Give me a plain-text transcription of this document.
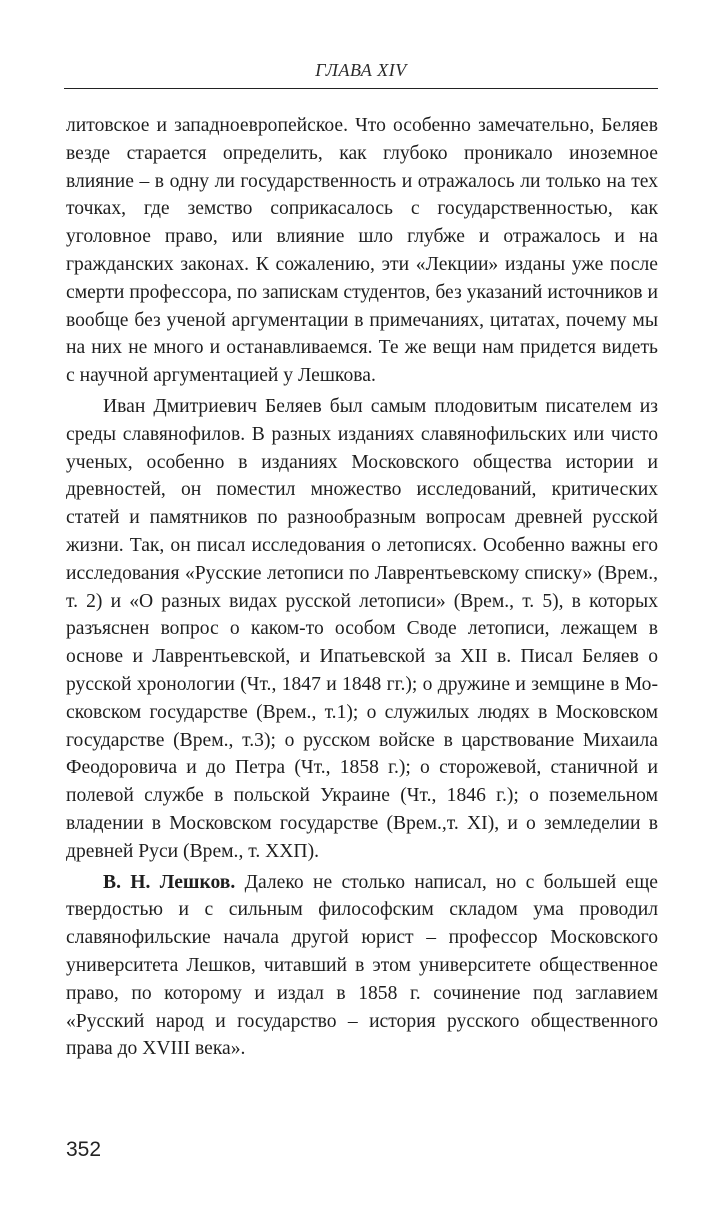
ГЛАВА XIV

литовское и западноевропейское. Что особенно замечательно, Беляев везде старается определить, как глубоко проникало иноземное влияние – в одну ли государственность и отражалось ли только на тех точках, где земство соприкасалось с государственностью, как уголовное право, или влияние шло глубже и отражалось и на гражданских законах. К сожалению, эти «Лекции» изданы уже после смерти профессора, по запискам студентов, без указаний источников и вообще без ученой аргументации в примечаниях, цитатах, почему мы на них не много и останавливаемся. Те же вещи нам придется видеть с научной аргументацией у Лешкова.

Иван Дмитриевич Беляев был самым плодовитым писателем из среды славянофилов. В разных изданиях славянофильских или чисто ученых, особенно в изданиях Московского общества истории и древностей, он поместил множество исследований, критических статей и памятников по разнообразным вопросам древней русской жизни. Так, он писал исследования о летописях. Особенно важны его исследования «Русские летописи по Лаврентьевскому списку» (Врем., т. 2) и «О разных видах русской летописи» (Врем., т. 5), в которых разъяснен вопрос о каком-то особом Своде летописи, лежащем в основе и Лаврентьевской, и Ипатьевской за XII в. Писал Беляев о русской хронологии (Чт., 1847 и 1848 гг.); о дружине и земщине в Московском государстве (Врем., т.1); о служилых людях в Московском государстве (Врем., т.3); о русском войске в царствование Михаила Феодоровича и до Петра (Чт., 1858 г.); о сторожевой, станичной и полевой службе в польской Украине (Чт., 1846 г.); о поземельном владении в Московском государстве (Врем.,т. XI), и о земледелии в древней Руси (Врем., т. ХХП).

В. Н. Лешков. Далеко не столько написал, но с большей еще твердостью и с сильным философским складом ума проводил славянофильские начала другой юрист – профессор Московского университета Лешков, читавший в этом университете общественное право, по которому и издал в 1858 г. сочинение под заглавием «Русский народ и государство – история русского общественного права до XVIII века».

352
